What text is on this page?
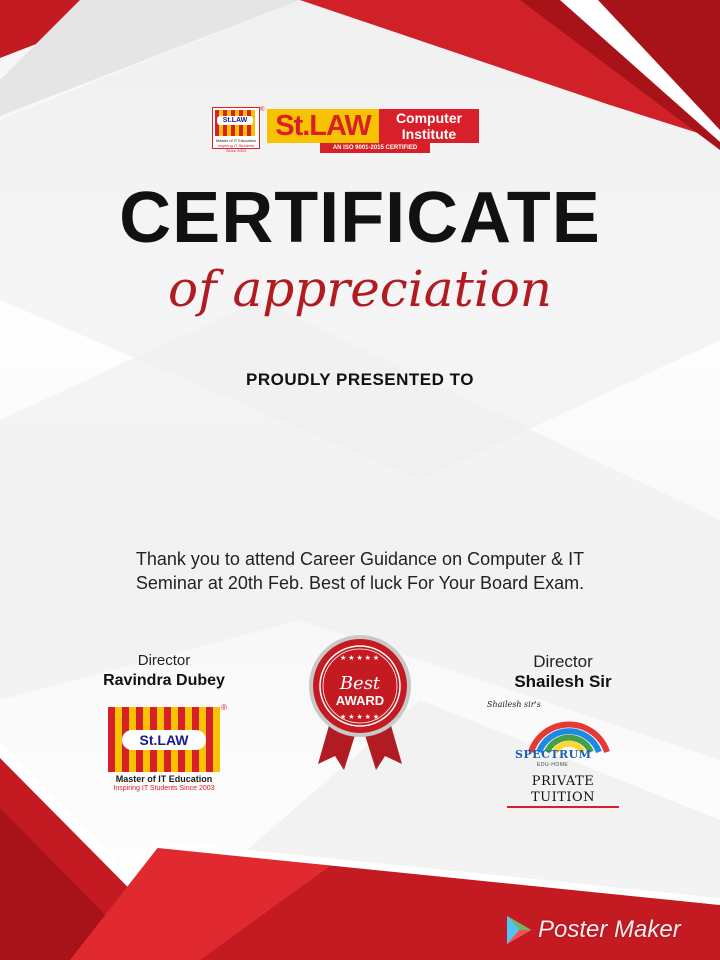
St.LAW
Master of IT Education
Inspiring IT Students Since 2003
® St.LAW	Computer
Institute
AN ISO 9001-2015 CERTIFIED
CERTIFICATE
of appreciation
PROUDLY PRESENTED TO
Thank you to attend Career Guidance on Computer & IT
Seminar at 20th Feb. Best of luck For Your Board Exam.
Director
Ravindra Dubey
St.LAW
®
Master of IT Education
Inspiring IT Students Since 2003
★ ★ ★ ★ ★
★ ★ ★ ★ ★
Best
AWARD
Director
Shailesh Sir
Shailesh sir's
SPECTRUM
EDU-HOME
PRIVATE TUITION
Poster Maker
